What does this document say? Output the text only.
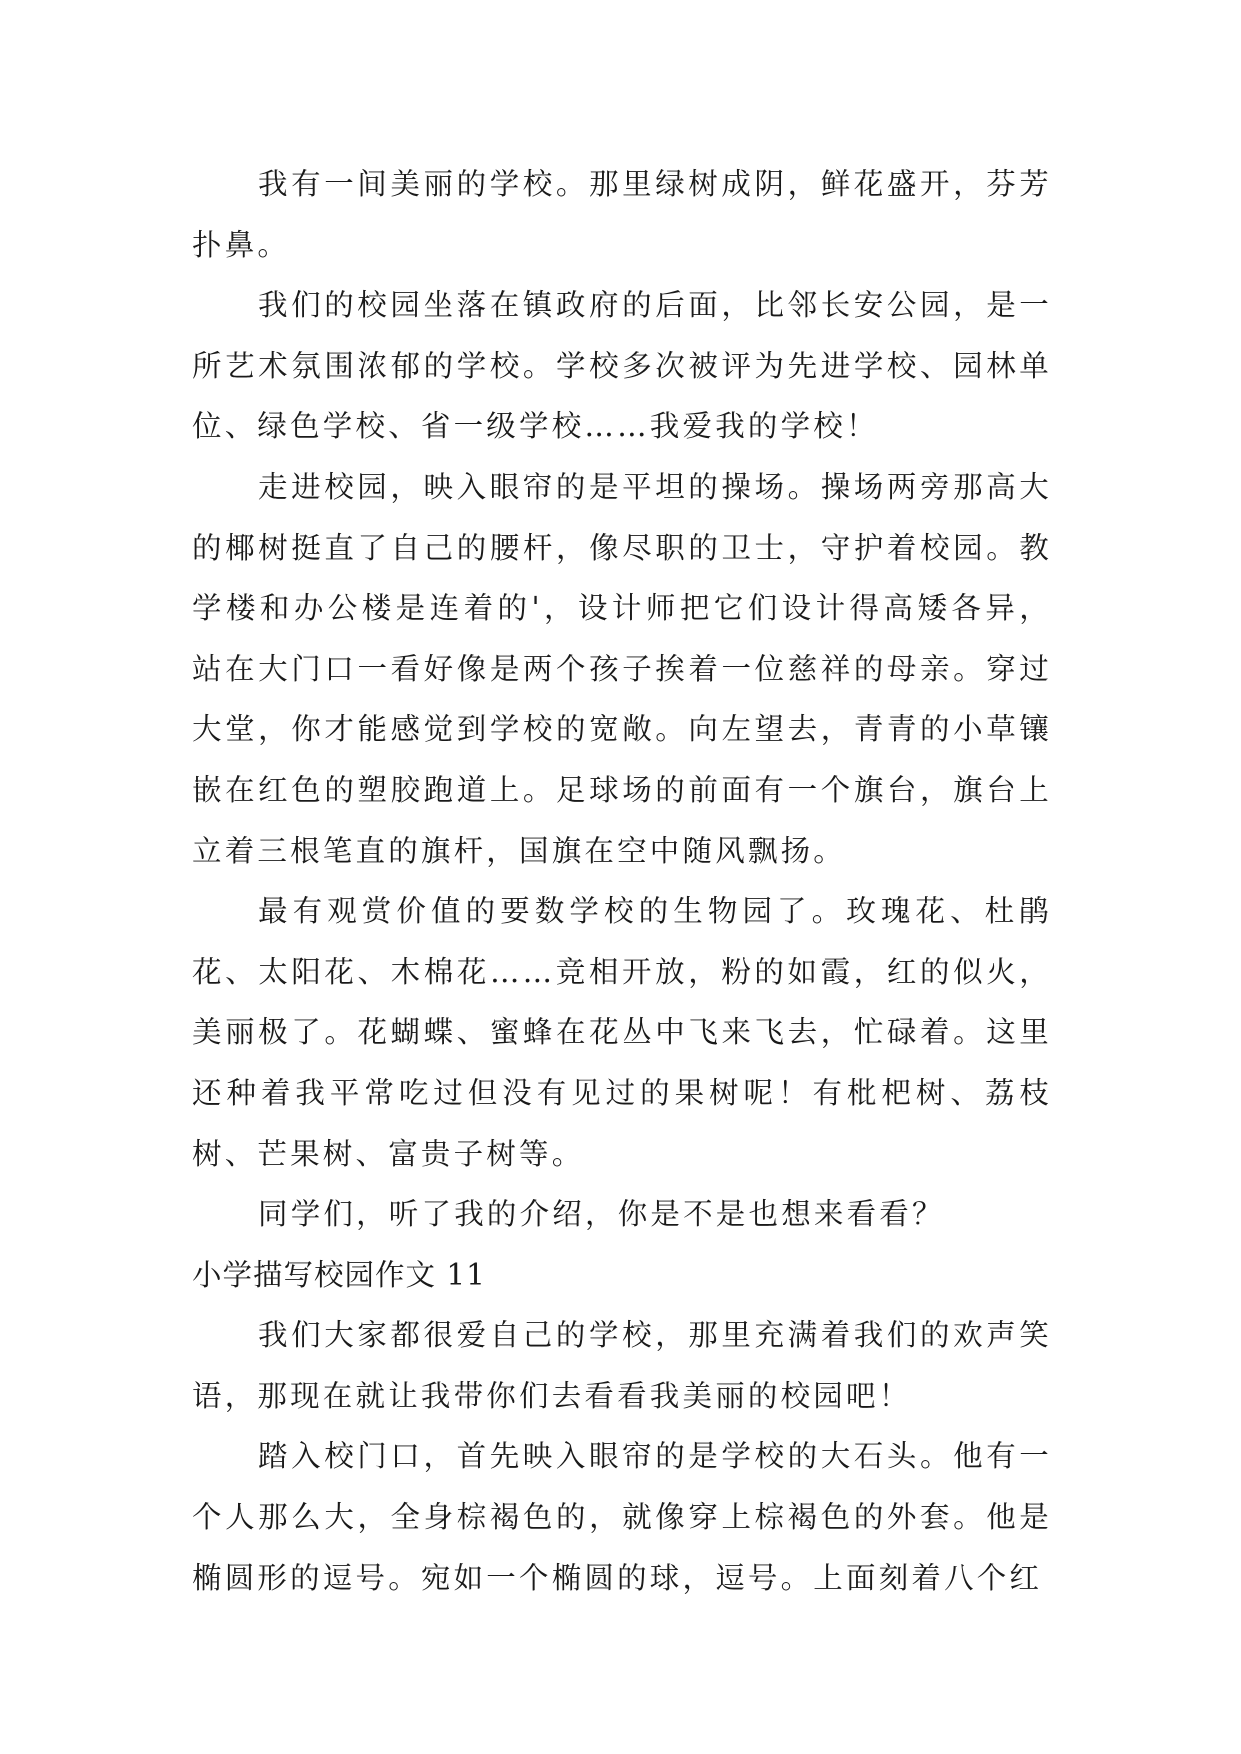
我有一间美丽的学校。那里绿树成阴，鲜花盛开，芬芳扑鼻。

我们的校园坐落在镇政府的后面，比邻长安公园，是一所艺术氛围浓郁的学校。学校多次被评为先进学校、园林单位、绿色学校、省一级学校……我爱我的学校！

走进校园，映入眼帘的是平坦的操场。操场两旁那高大的椰树挺直了自己的腰杆，像尽职的卫士，守护着校园。教学楼和办公楼是连着的'，设计师把它们设计得高矮各异，站在大门口一看好像是两个孩子挨着一位慈祥的母亲。穿过大堂，你才能感觉到学校的宽敞。向左望去，青青的小草镶嵌在红色的塑胶跑道上。足球场的前面有一个旗台，旗台上立着三根笔直的旗杆，国旗在空中随风飘扬。

最有观赏价值的要数学校的生物园了。玫瑰花、杜鹃花、太阳花、木棉花……竞相开放，粉的如霞，红的似火，美丽极了。花蝴蝶、蜜蜂在花丛中飞来飞去，忙碌着。这里还种着我平常吃过但没有见过的果树呢！有枇杷树、荔枝树、芒果树、富贵子树等。

同学们，听了我的介绍，你是不是也想来看看？

小学描写校园作文 11

我们大家都很爱自己的学校，那里充满着我们的欢声笑语，那现在就让我带你们去看看我美丽的校园吧！

踏入校门口，首先映入眼帘的是学校的大石头。他有一个人那么大，全身棕褐色的，就像穿上棕褐色的外套。他是椭圆形的逗号。宛如一个椭圆的球，逗号。上面刻着八个红
